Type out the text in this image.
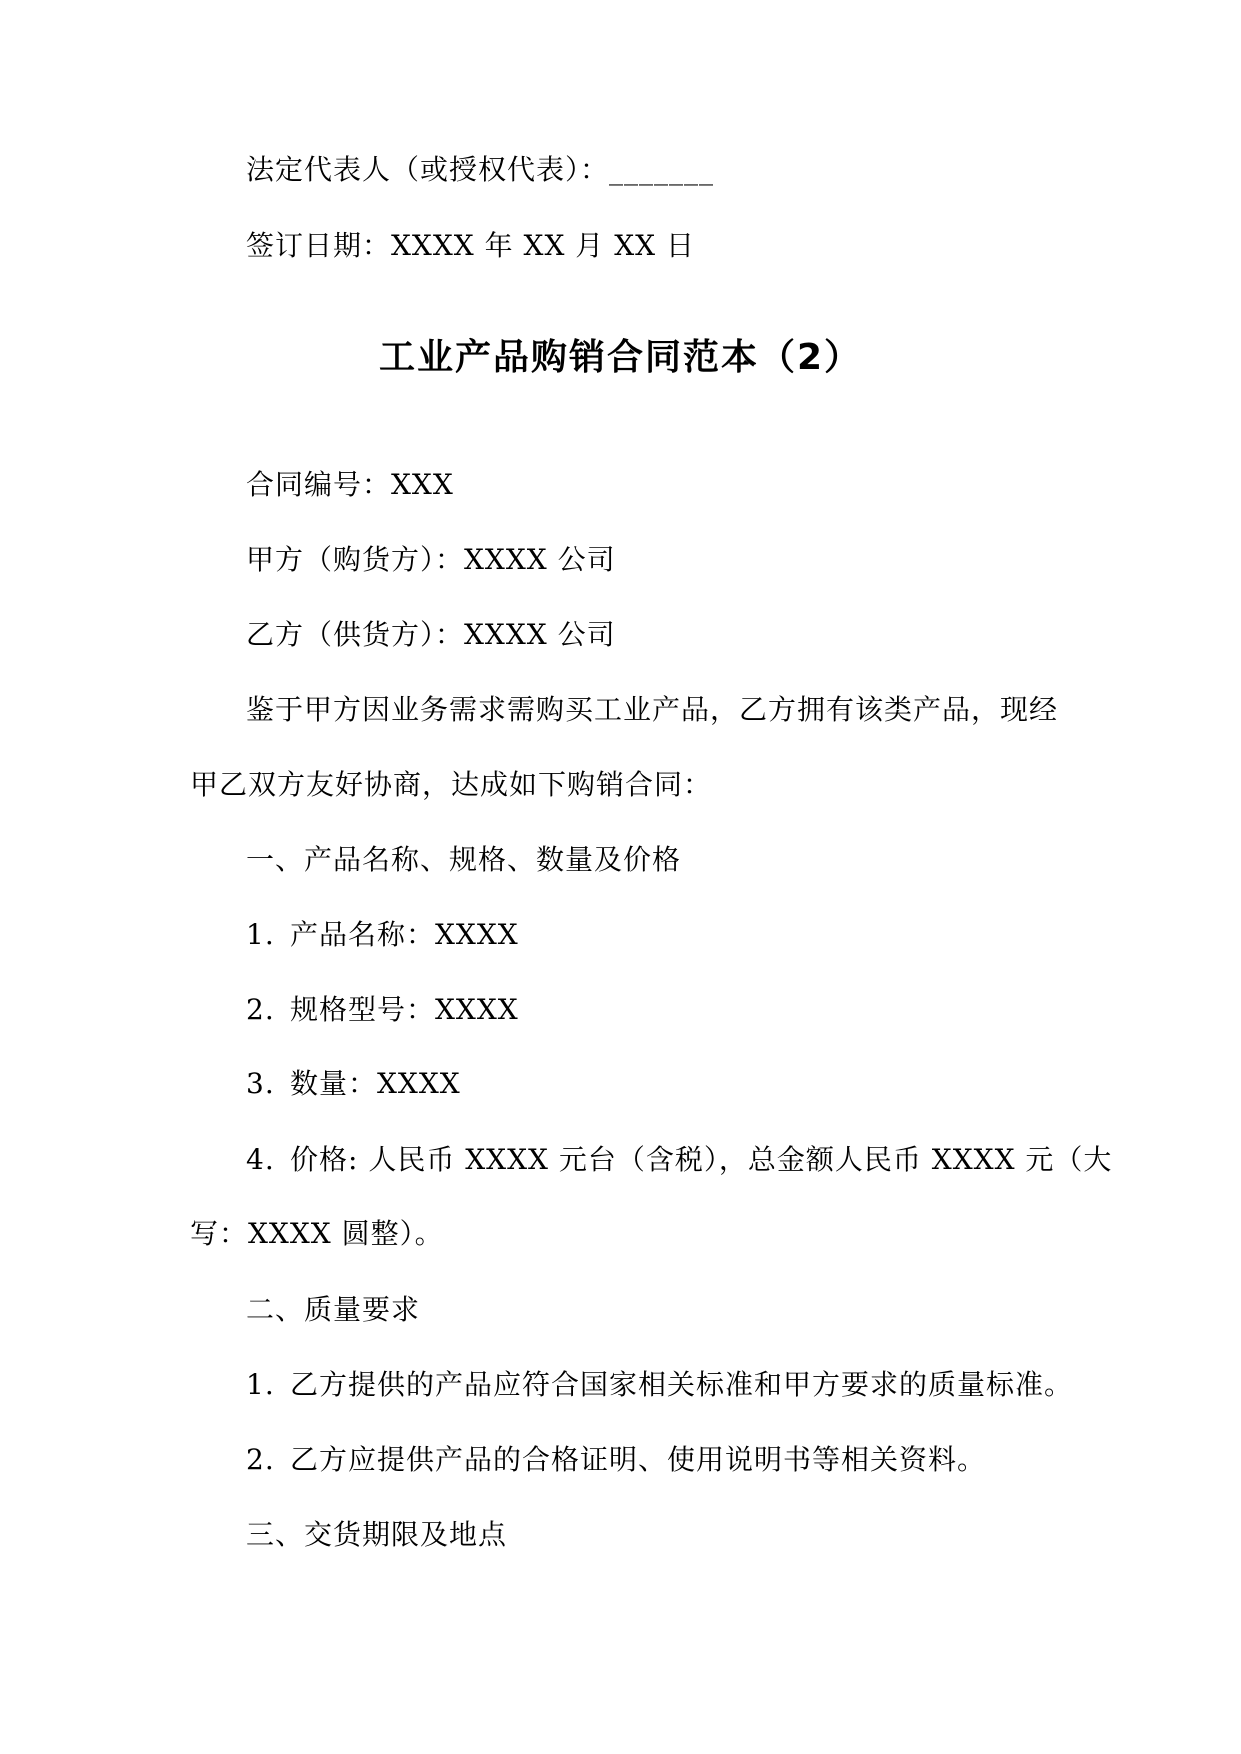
法定代表人（或授权代表）：_______
签订日期：XXXX 年 XX 月 XX 日
工业产品购销合同范本（2）
合同编号：XXX
甲方（购货方）：XXXX 公司
乙方（供货方）：XXXX 公司
鉴于甲方因业务需求需购买工业产品，乙方拥有该类产品，现经
甲乙双方友好协商，达成如下购销合同：
一、产品名称、规格、数量及价格
1. 产品名称：XXXX
2. 规格型号：XXXX
3. 数量：XXXX
4. 价格: 人民币 XXXX 元台（含税），总金额人民币 XXXX 元（大
写：XXXX 圆整）。
二、质量要求
1. 乙方提供的产品应符合国家相关标准和甲方要求的质量标准。
2. 乙方应提供产品的合格证明、使用说明书等相关资料。
三、交货期限及地点
